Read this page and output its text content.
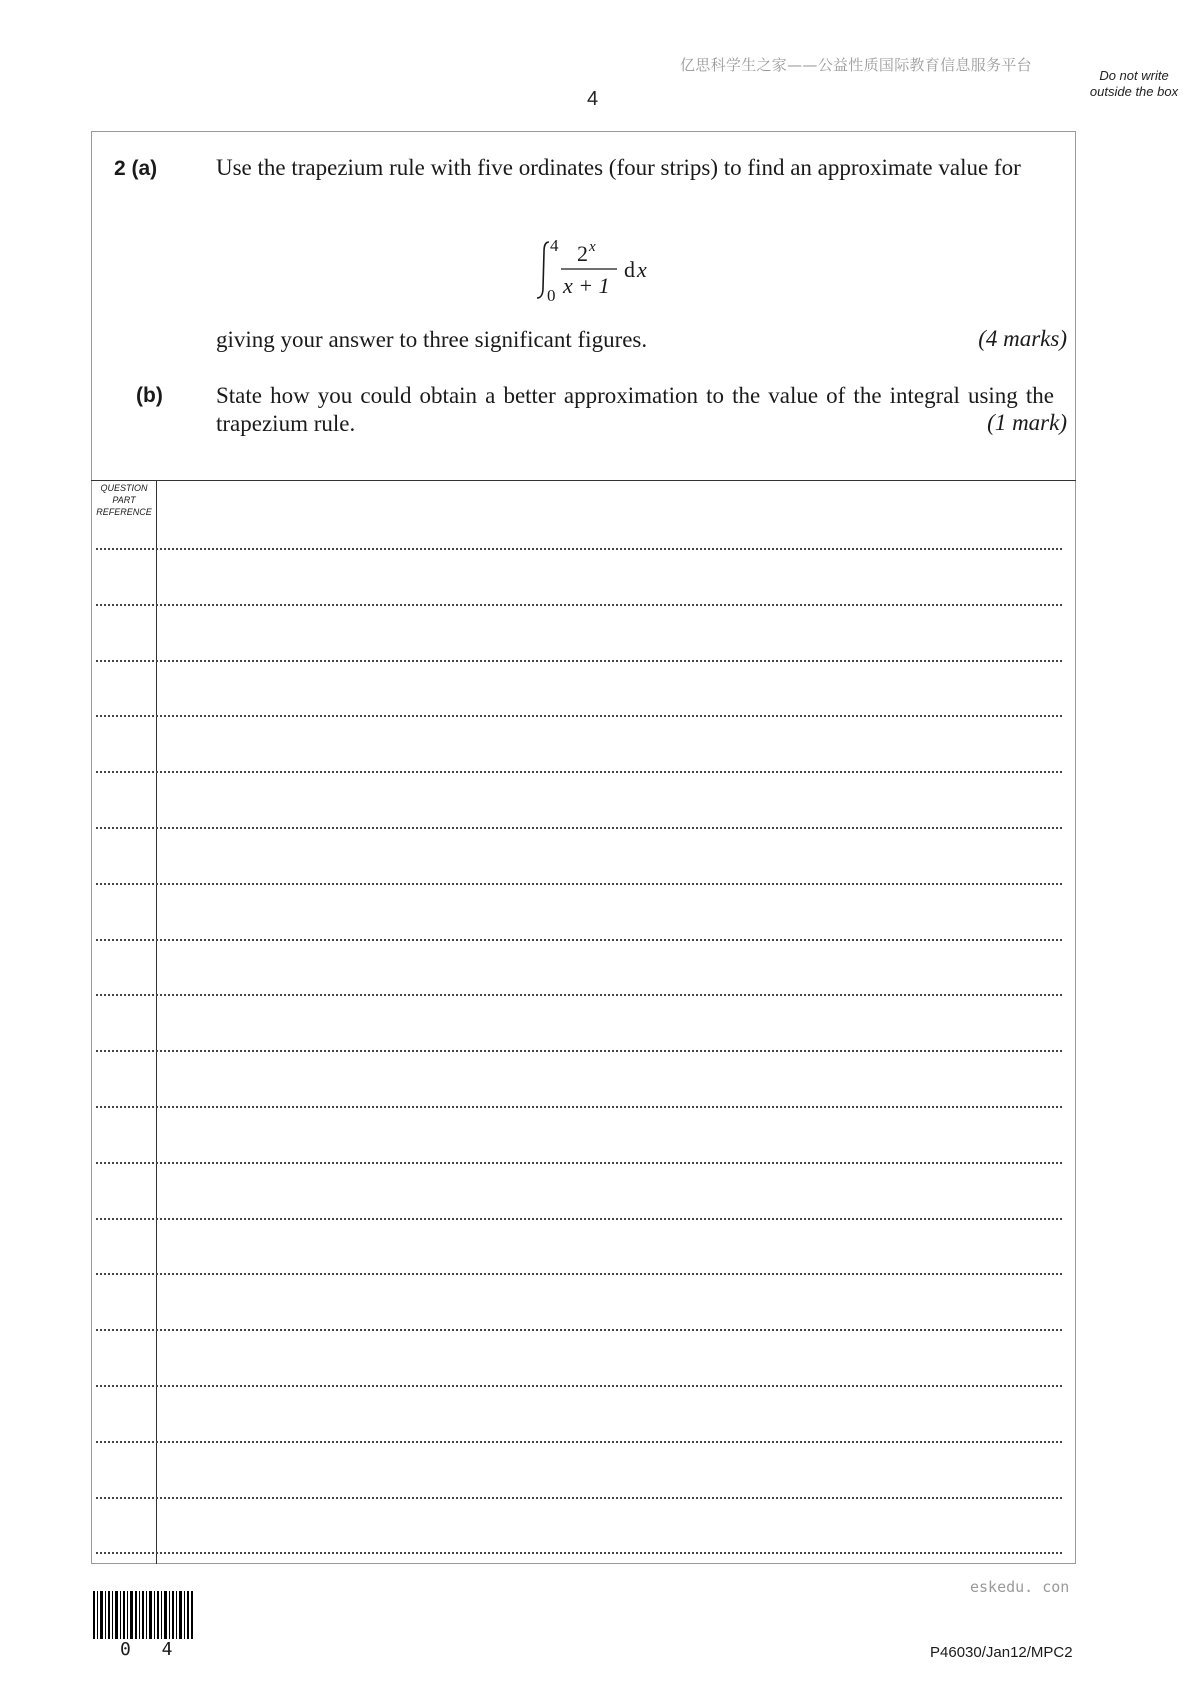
亿思科学生之家——公益性质国际教育信息服务平台
4
Do not write outside the box
2 (a)	Use the trapezium rule with five ordinates (four strips) to find an approximate value for
4
0
2 x
x + 1
d x
giving your answer to three significant figures.	(4 marks)
(b) State how you could obtain a better approximation to the value of the integral using the trapezium rule.	(1 mark)
QUESTION PART REFERENCE
eskedu. con
0 4	P46030/Jan12/MPC2
